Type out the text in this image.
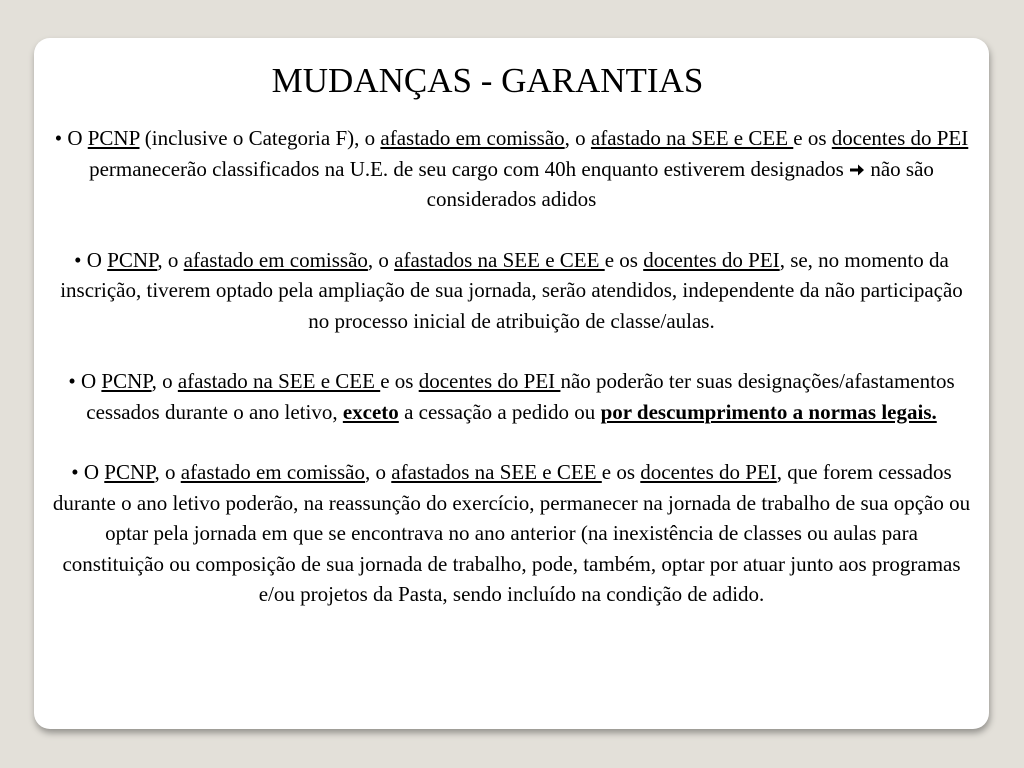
MUDANÇAS - GARANTIAS

• O PCNP (inclusive o Categoria F), o afastado em comissão, o afastado na SEE e CEE e os docentes do PEI permanecerão classificados na U.E. de seu cargo com 40h enquanto estiverem designados  não são considerados adidos

• O PCNP, o afastado em comissão, o afastados na SEE e CEE e os docentes do PEI, se, no momento da inscrição, tiverem optado pela ampliação de sua jornada, serão atendidos, independente da não participação no processo inicial de atribuição de classe/aulas.

• O PCNP, o afastado na SEE e CEE e os docentes do PEI não poderão ter suas designações/afastamentos cessados durante o ano letivo, exceto a cessação a pedido ou por descumprimento a normas legais.

• O PCNP, o afastado em comissão, o afastados na SEE e CEE e os docentes do PEI, que forem cessados durante o ano letivo poderão, na reassunção do exercício, permanecer na jornada de trabalho de sua opção ou optar pela jornada em que se encontrava no ano anterior (na inexistência de classes ou aulas para constituição ou composição de sua jornada de trabalho, pode, também, optar por atuar junto aos programas e/ou projetos da Pasta, sendo incluído na condição de adido.
